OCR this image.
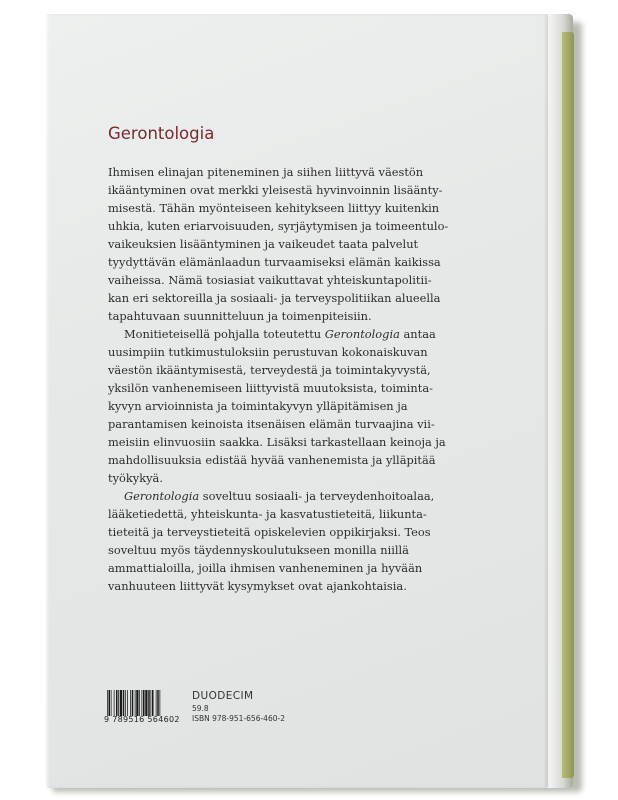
Gerontologia

Ihmisen elinajan piteneminen ja siihen liittyvä väestön
ikääntyminen ovat merkki yleisestä hyvinvoinnin lisäänty-
misestä. Tähän myönteiseen kehitykseen liittyy kuitenkin
uhkia, kuten eriarvoisuuden, syrjäytymisen ja toimeentulo-
vaikeuksien lisääntyminen ja vaikeudet taata palvelut
tyydyttävän elämänlaadun turvaamiseksi elämän kaikissa
vaiheissa. Nämä tosiasiat vaikuttavat yhteiskuntapolitii-
kan eri sektoreilla ja sosiaali- ja terveyspolitiikan alueella
tapahtuvaan suunnitteluun ja toimenpiteisiin.

Monitieteisellä pohjalla toteutettu Gerontologia antaa
uusimpiin tutkimustuloksiin perustuvan kokonaiskuvan
väestön ikääntymisestä, terveydestä ja toimintakyvystä,
yksilön vanhenemiseen liittyvistä muutoksista, toiminta-
kyvyn arvioinnista ja toimintakyvyn ylläpitämisen ja
parantamisen keinoista itsenäisen elämän turvaajina vii-
meisiin elinvuosiin saakka. Lisäksi tarkastellaan keinoja ja
mahdollisuuksia edistää hyvää vanhenemista ja ylläpitää
työkykyä.

Gerontologia soveltuu sosiaali- ja terveydenhoitoalaa,
lääketiedettä, yhteiskunta- ja kasvatustieteitä, liikunta-
tieteitä ja terveystieteitä opiskelevien oppikirjaksi. Teos
soveltuu myös täydennyskoulutukseen monilla niillä
ammattialoilla, joilla ihmisen vanheneminen ja hyvään
vanhuuteen liittyvät kysymykset ovat ajankohtaisia.

9 789516 564602
DUODECIM
59.8
ISBN 978-951-656-460-2
